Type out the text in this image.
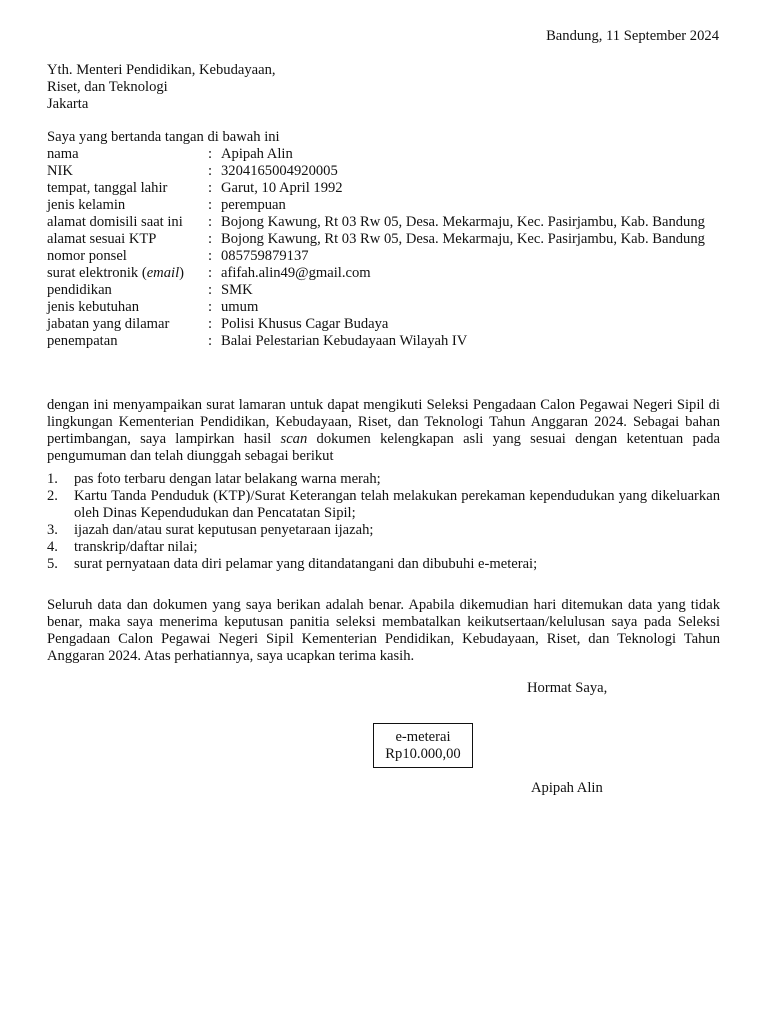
Bandung, 11 September 2024
Yth. Menteri Pendidikan, Kebudayaan,
Riset, dan Teknologi
Jakarta
Saya yang bertanda tangan di bawah ini
nama	: Apipah Alin
NIK	: 3204165004920005
tempat, tanggal lahir	: Garut, 10 April 1992
jenis kelamin	: perempuan
alamat domisili saat ini	: Bojong Kawung, Rt 03 Rw 05, Desa. Mekarmaju, Kec. Pasirjambu, Kab. Bandung
alamat sesuai KTP	: Bojong Kawung, Rt 03 Rw 05, Desa. Mekarmaju, Kec. Pasirjambu, Kab. Bandung
nomor ponsel	: 085759879137
surat elektronik (email)	: afifah.alin49@gmail.com
pendidikan	: SMK
jenis kebutuhan	: umum
jabatan yang dilamar	: Polisi Khusus Cagar Budaya
penempatan	: Balai Pelestarian Kebudayaan Wilayah IV
dengan ini menyampaikan surat lamaran untuk dapat mengikuti Seleksi Pengadaan Calon Pegawai Negeri Sipil di lingkungan Kementerian Pendidikan, Kebudayaan, Riset, dan Teknologi Tahun Anggaran 2024. Sebagai bahan pertimbangan, saya lampirkan hasil scan dokumen kelengkapan asli yang sesuai dengan ketentuan pada pengumuman dan telah diunggah sebagai berikut
1.	pas foto terbaru dengan latar belakang warna merah;
2.	Kartu Tanda Penduduk (KTP)/Surat Keterangan telah melakukan perekaman kependudukan yang dikeluarkan oleh Dinas Kependudukan dan Pencatatan Sipil;
3.	ijazah dan/atau surat keputusan penyetaraan ijazah;
4.	transkrip/daftar nilai;
5.	surat pernyataan data diri pelamar yang ditandatangani dan dibubuhi e-meterai;
Seluruh data dan dokumen yang saya berikan adalah benar. Apabila dikemudian hari ditemukan data yang tidak benar, maka saya menerima keputusan panitia seleksi membatalkan keikutsertaan/kelulusan saya pada Seleksi Pengadaan Calon Pegawai Negeri Sipil Kementerian Pendidikan, Kebudayaan, Riset, dan Teknologi Tahun Anggaran 2024. Atas perhatiannya, saya ucapkan terima kasih.
Hormat Saya,
e-meterai
Rp10.000,00
Apipah Alin
